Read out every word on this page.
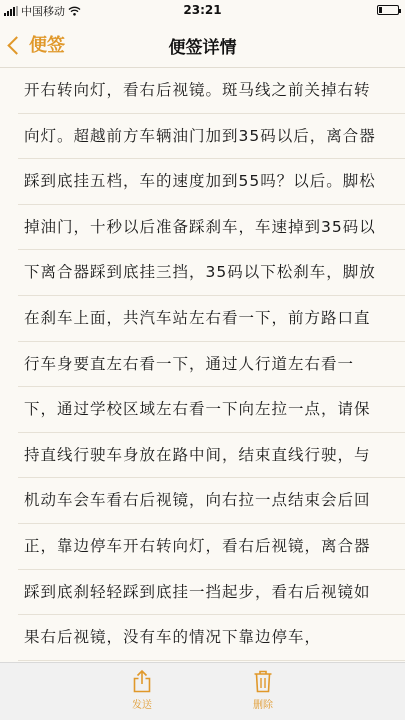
中国移动	23:21
便签	便签详情
开右转向灯，看右后视镜。斑马线之前关掉右转
向灯。超越前方车辆油门加到35码以后，离合器
踩到底挂五档，车的速度加到55吗？以后。脚松
掉油门，十秒以后准备踩刹车，车速掉到35码以
下离合器踩到底挂三挡，35码以下松刹车，脚放
在刹车上面，共汽车站左右看一下，前方路口直
行车身要直左右看一下，通过人行道左右看一
下，通过学校区域左右看一下向左拉一点，请保
持直线行驶车身放在路中间，结束直线行驶，与
机动车会车看右后视镜，向右拉一点结束会后回
正，靠边停车开右转向灯，看右后视镜，离合器
踩到底刹轻轻踩到底挂一挡起步，看右后视镜如
果右后视镜，没有车的情况下靠边停车，
发送	删除
